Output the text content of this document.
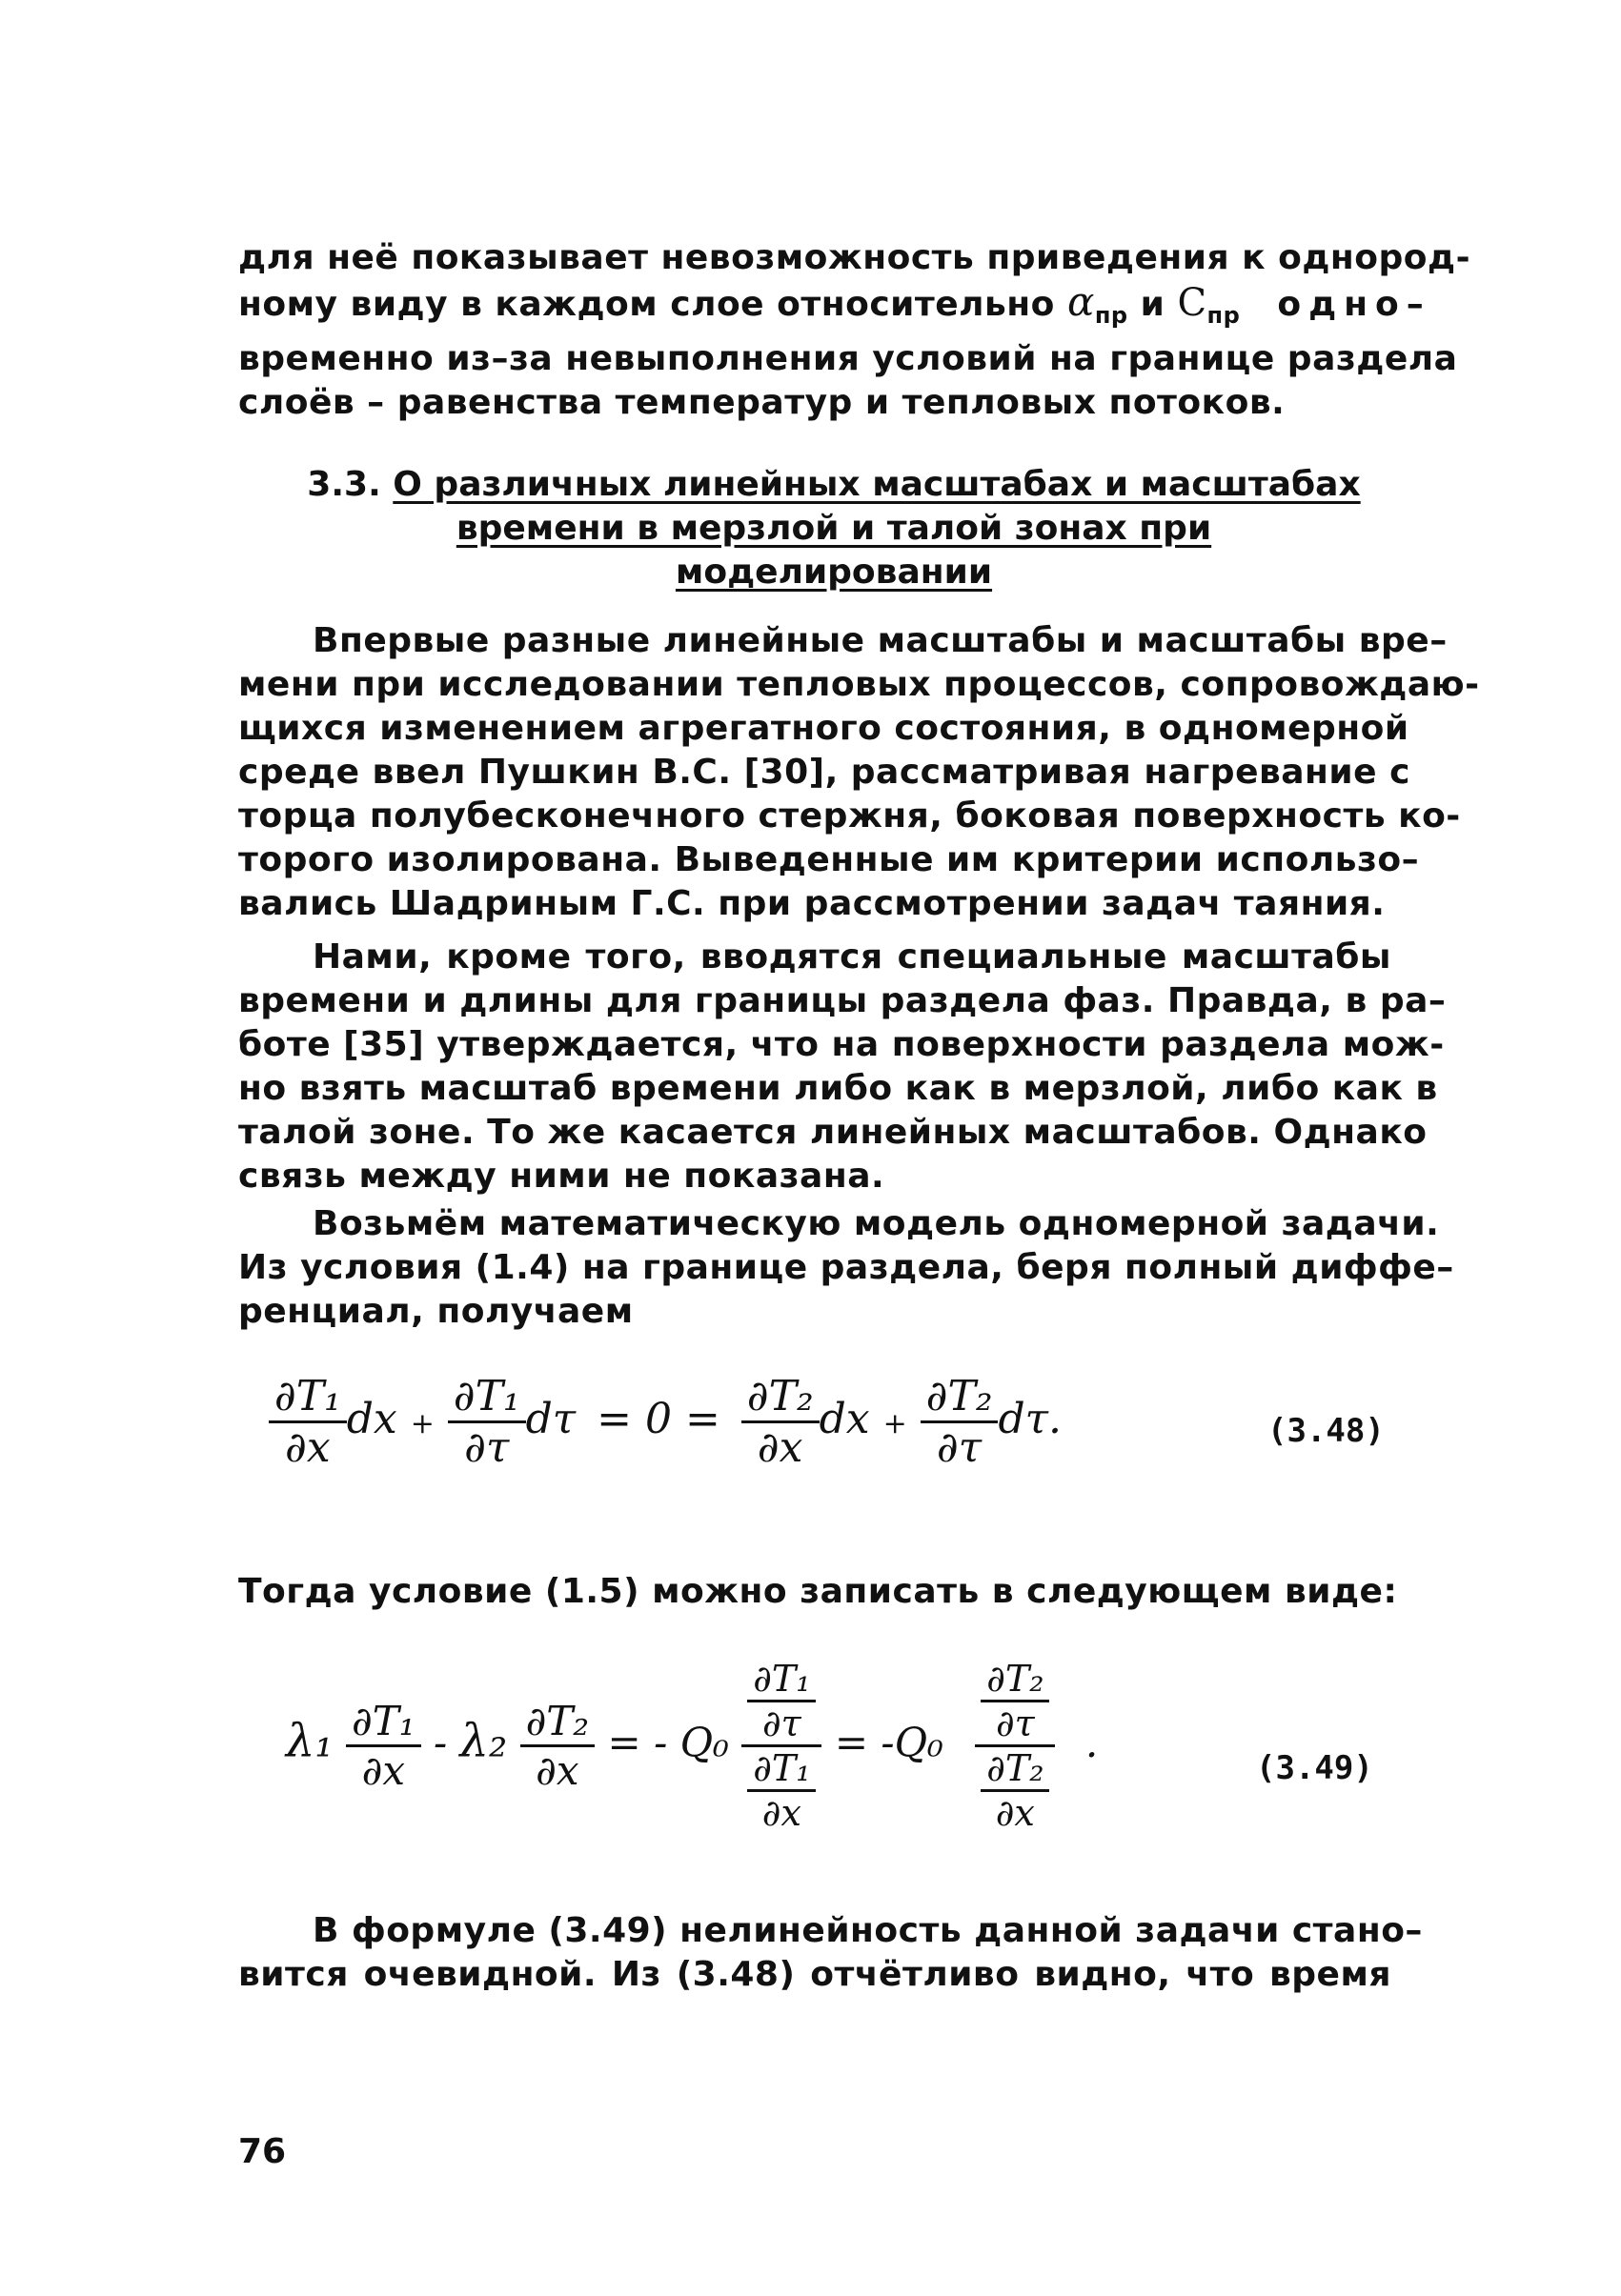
для неё показывает невозможность приведения к однород-
ному виду в каждом слое относительно $\alpha_{пр}$ и $С_{пр}$ одно–
временно из–за невыполнения условий на границе раздела
слоёв – равенства температур и тепловых потоков.
3.3. О различных линейных масштабах и масштабах
времени в мерзлой и талой зонах при
моделировании
Впервые разные линейные масштабы и масштабы вре–
мени при исследовании тепловых процессов, сопровождаю-
щихся изменением агрегатного состояния, в одномерной
среде ввел Пушкин В.С. [30], рассматривая нагревание с
торца полубесконечного стержня, боковая поверхность ко-
торого изолирована. Выведенные им критерии использо–
вались Шадриным Г.С. при рассмотрении задач таяния.
Нами, кроме того, вводятся специальные масштабы
времени и длины для границы раздела фаз. Правда, в ра–
боте [35] утверждается, что на поверхности раздела мож-
но взять масштаб времени либо как в мерзлой, либо как в
талой зоне. То же касается линейных масштабов. Однако
связь между ними не показана.
Возьмём математическую модель одномерной задачи.
Из условия (1.4) на границе раздела, беря полный диффе–
ренциал, получаем
$\frac{\text{∂T₁}}{\partial x}$ dx + $\frac{\text{∂T₁}}{\partial\tau}$ $d\tau = 0 = \frac{\text{∂T₂}}{\partial x}$ dx + $\frac{\text{∂T₂}}{\partial\tau} d\tau$.	(3.48)
Тогда условие (1.5) можно записать в следующем виде:
$\lambda_1 \frac{\text{∂T₁}}{\partial x} - \lambda_2 \frac{\text{∂T₂}}{\partial x}$ = - $Q_0 \frac{\frac{\text{∂T₁}}{\partial\tau}}{\frac{\text{∂T₁}}{\partial x}} = -Q_0 \frac{\frac{\text{∂T₂}}{\partial\tau}}{\frac{\text{∂T₂}}{\partial x}}$ .
(3.49)
В формуле (3.49) нелинейность данной задачи стано–
вится очевидной. Из (3.48) отчётливо видно, что время
76
